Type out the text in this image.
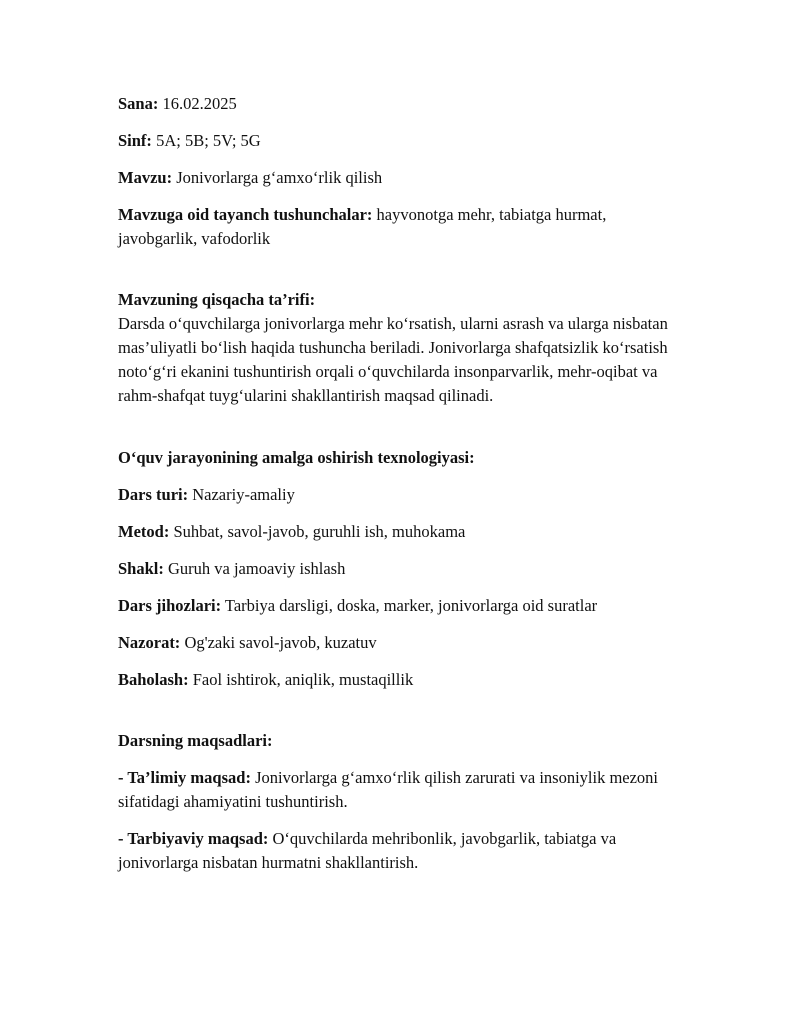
Sana: 16.02.2025

Sinf: 5A; 5B; 5V; 5G

Mavzu: Jonivorlarga g‘amxo‘rlik qilish

Mavzuga oid tayanch tushunchalar: hayvonotga mehr, tabiatga hurmat, javobgarlik, vafodorlik

Mavzuning qisqacha ta’rifi:

Darsda o‘quvchilarga jonivorlarga mehr ko‘rsatish, ularni asrash va ularga nisbatan mas’uliyatli bo‘lish haqida tushuncha beriladi. Jonivorlarga shafqatsizlik ko‘rsatish noto‘g‘ri ekanini tushuntirish orqali o‘quvchilarda insonparvarlik, mehr-oqibat va rahm-shafqat tuyg‘ularini shakllantirish maqsad qilinadi.

O‘quv jarayonining amalga oshirish texnologiyasi:

Dars turi: Nazariy-amaliy

Metod: Suhbat, savol-javob, guruhli ish, muhokama

Shakl: Guruh va jamoaviy ishlash

Dars jihozlari: Tarbiya darsligi, doska, marker, jonivorlarga oid suratlar

Nazorat: Og'zaki savol-javob, kuzatuv

Baholash: Faol ishtirok, aniqlik, mustaqillik

Darsning maqsadlari:

- Ta’limiy maqsad: Jonivorlarga g‘amxo‘rlik qilish zarurati va insoniylik mezoni sifatidagi ahamiyatini tushuntirish.

- Tarbiyaviy maqsad: O‘quvchilarda mehribonlik, javobgarlik, tabiatga va jonivorlarga nisbatan hurmatni shakllantirish.
